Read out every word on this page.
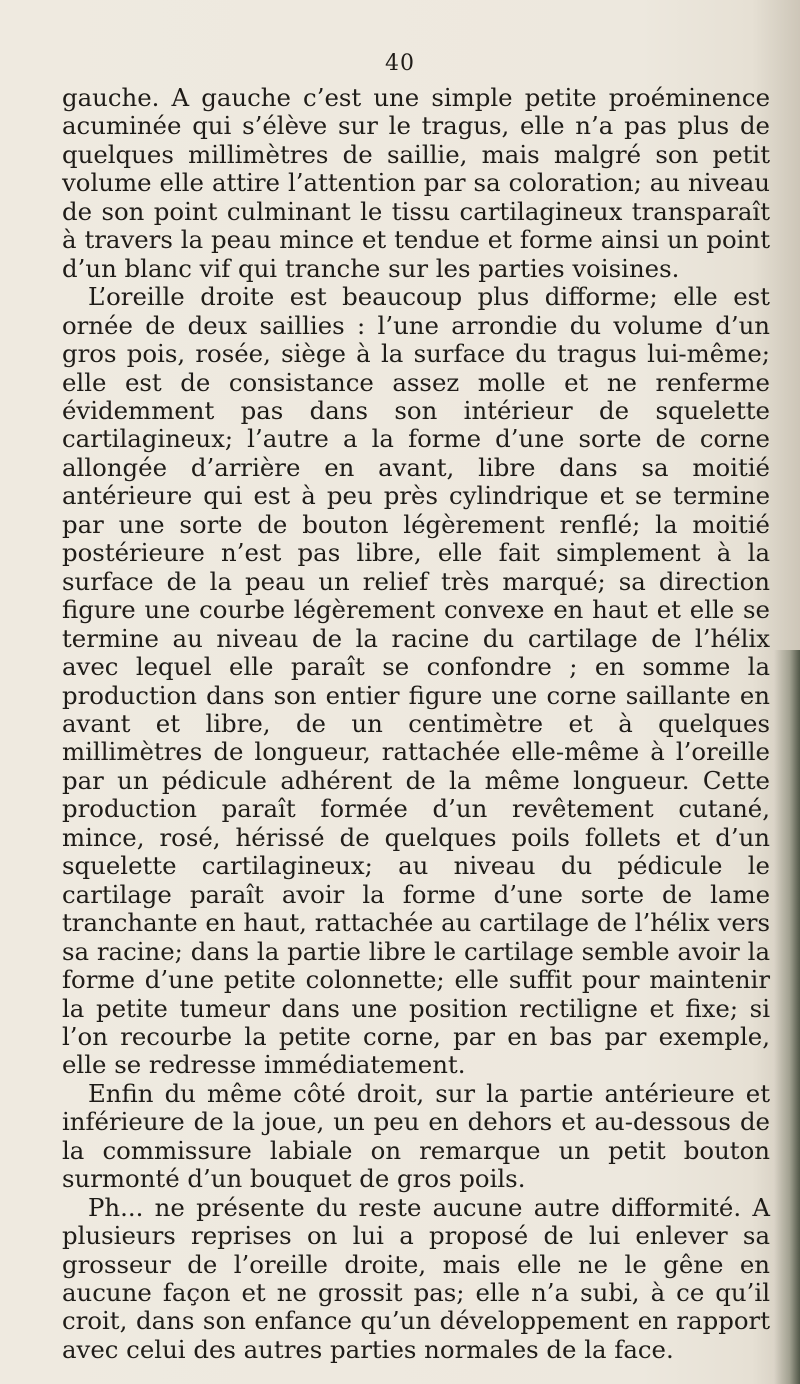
40

gauche. A gauche c’est une simple petite proéminence acuminée qui s’élève sur le tragus, elle n’a pas plus de quelques millimètres de saillie, mais malgré son petit volume elle attire l’attention par sa coloration; au niveau de son point culminant le tissu cartilagineux transparaît à travers la peau mince et tendue et forme ainsi un point d’un blanc vif qui tranche sur les parties voisines.

L’oreille droite est beaucoup plus difforme; elle est ornée de deux saillies : l’une arrondie du volume d’un gros pois, rosée, siège à la surface du tragus lui-même; elle est de consistance assez molle et ne renferme évidemment pas dans son intérieur de squelette cartilagineux; l’autre a la forme d’une sorte de corne allongée d’arrière en avant, libre dans sa moitié antérieure qui est à peu près cylindrique et se termine par une sorte de bouton légèrement renflé; la moitié postérieure n’est pas libre, elle fait simplement à la surface de la peau un relief très marqué; sa direction figure une courbe légèrement convexe en haut et elle se termine au niveau de la racine du cartilage de l’hélix avec lequel elle paraît se confondre ; en somme la production dans son entier figure une corne saillante en avant et libre, de un centimètre et à quelques millimètres de longueur, rattachée elle-même à l’oreille par un pédicule adhérent de la même longueur. Cette production paraît formée d’un revêtement cutané, mince, rosé, hérissé de quelques poils follets et d’un squelette cartilagineux; au niveau du pédicule le cartilage paraît avoir la forme d’une sorte de lame tranchante en haut, rattachée au cartilage de l’hélix vers sa racine; dans la partie libre le cartilage semble avoir la forme d’une petite colonnette; elle suffit pour maintenir la petite tumeur dans une position rectiligne et fixe; si l’on recourbe la petite corne, par en bas par exemple, elle se redresse immédiatement.

Enfin du même côté droit, sur la partie antérieure et inférieure de la joue, un peu en dehors et au-dessous de la commissure labiale on remarque un petit bouton surmonté d’un bouquet de gros poils.

Ph... ne présente du reste aucune autre difformité. A plusieurs reprises on lui a proposé de lui enlever sa grosseur de l’oreille droite, mais elle ne le gêne en aucune façon et ne grossit pas; elle n’a subi, à ce qu’il croit, dans son enfance qu’un développement en rapport avec celui des autres parties normales de la face.
